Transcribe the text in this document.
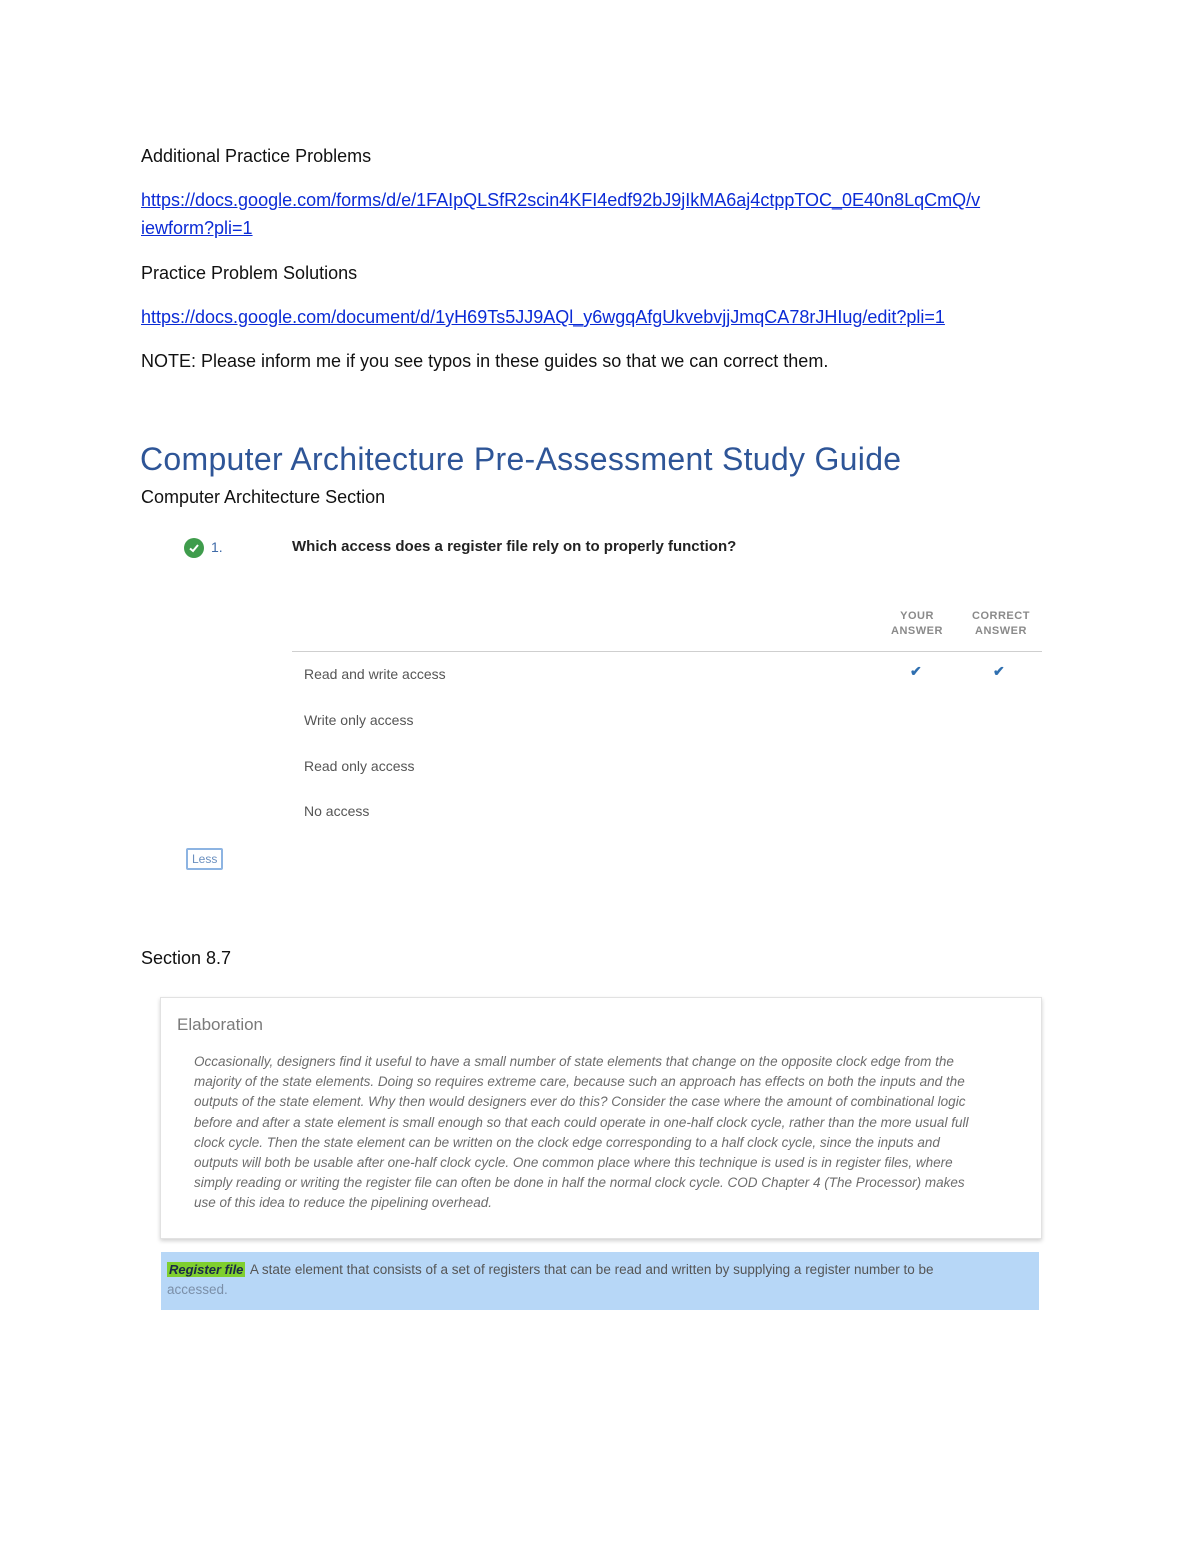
Additional Practice Problems
https://docs.google.com/forms/d/e/1FAIpQLSfR2scin4KFI4edf92bJ9jIkMA6aj4ctppTOC_0E40n8LqCmQ/v
iewform?pli=1
Practice Problem Solutions
https://docs.google.com/document/d/1yH69Ts5JJ9AQl_y6wgqAfgUkvebvjjJmqCA78rJHIug/edit?pli=1
NOTE: Please inform me if you see typos in these guides so that we can correct them.
Computer Architecture Pre-Assessment Study Guide
Computer Architecture Section
1.	Which access does a register file rely on to properly function?
YOUR ANSWER
CORRECT ANSWER
Read and write access	✔	✔
Write only access
Read only access
No access
Less
Section 8.7
Elaboration
Occasionally, designers find it useful to have a small number of state elements that change on the opposite clock edge from the
majority of the state elements. Doing so requires extreme care, because such an approach has effects on both the inputs and the
outputs of the state element. Why then would designers ever do this? Consider the case where the amount of combinational logic
before and after a state element is small enough so that each could operate in one-half clock cycle, rather than the more usual full
clock cycle. Then the state element can be written on the clock edge corresponding to a half clock cycle, since the inputs and
outputs will both be usable after one-half clock cycle. One common place where this technique is used is in register files, where
simply reading or writing the register file can often be done in half the normal clock cycle. COD Chapter 4 (The Processor) makes
use of this idea to reduce the pipelining overhead.
Register file A state element that consists of a set of registers that can be read and written by supplying a register number to be
accessed.
